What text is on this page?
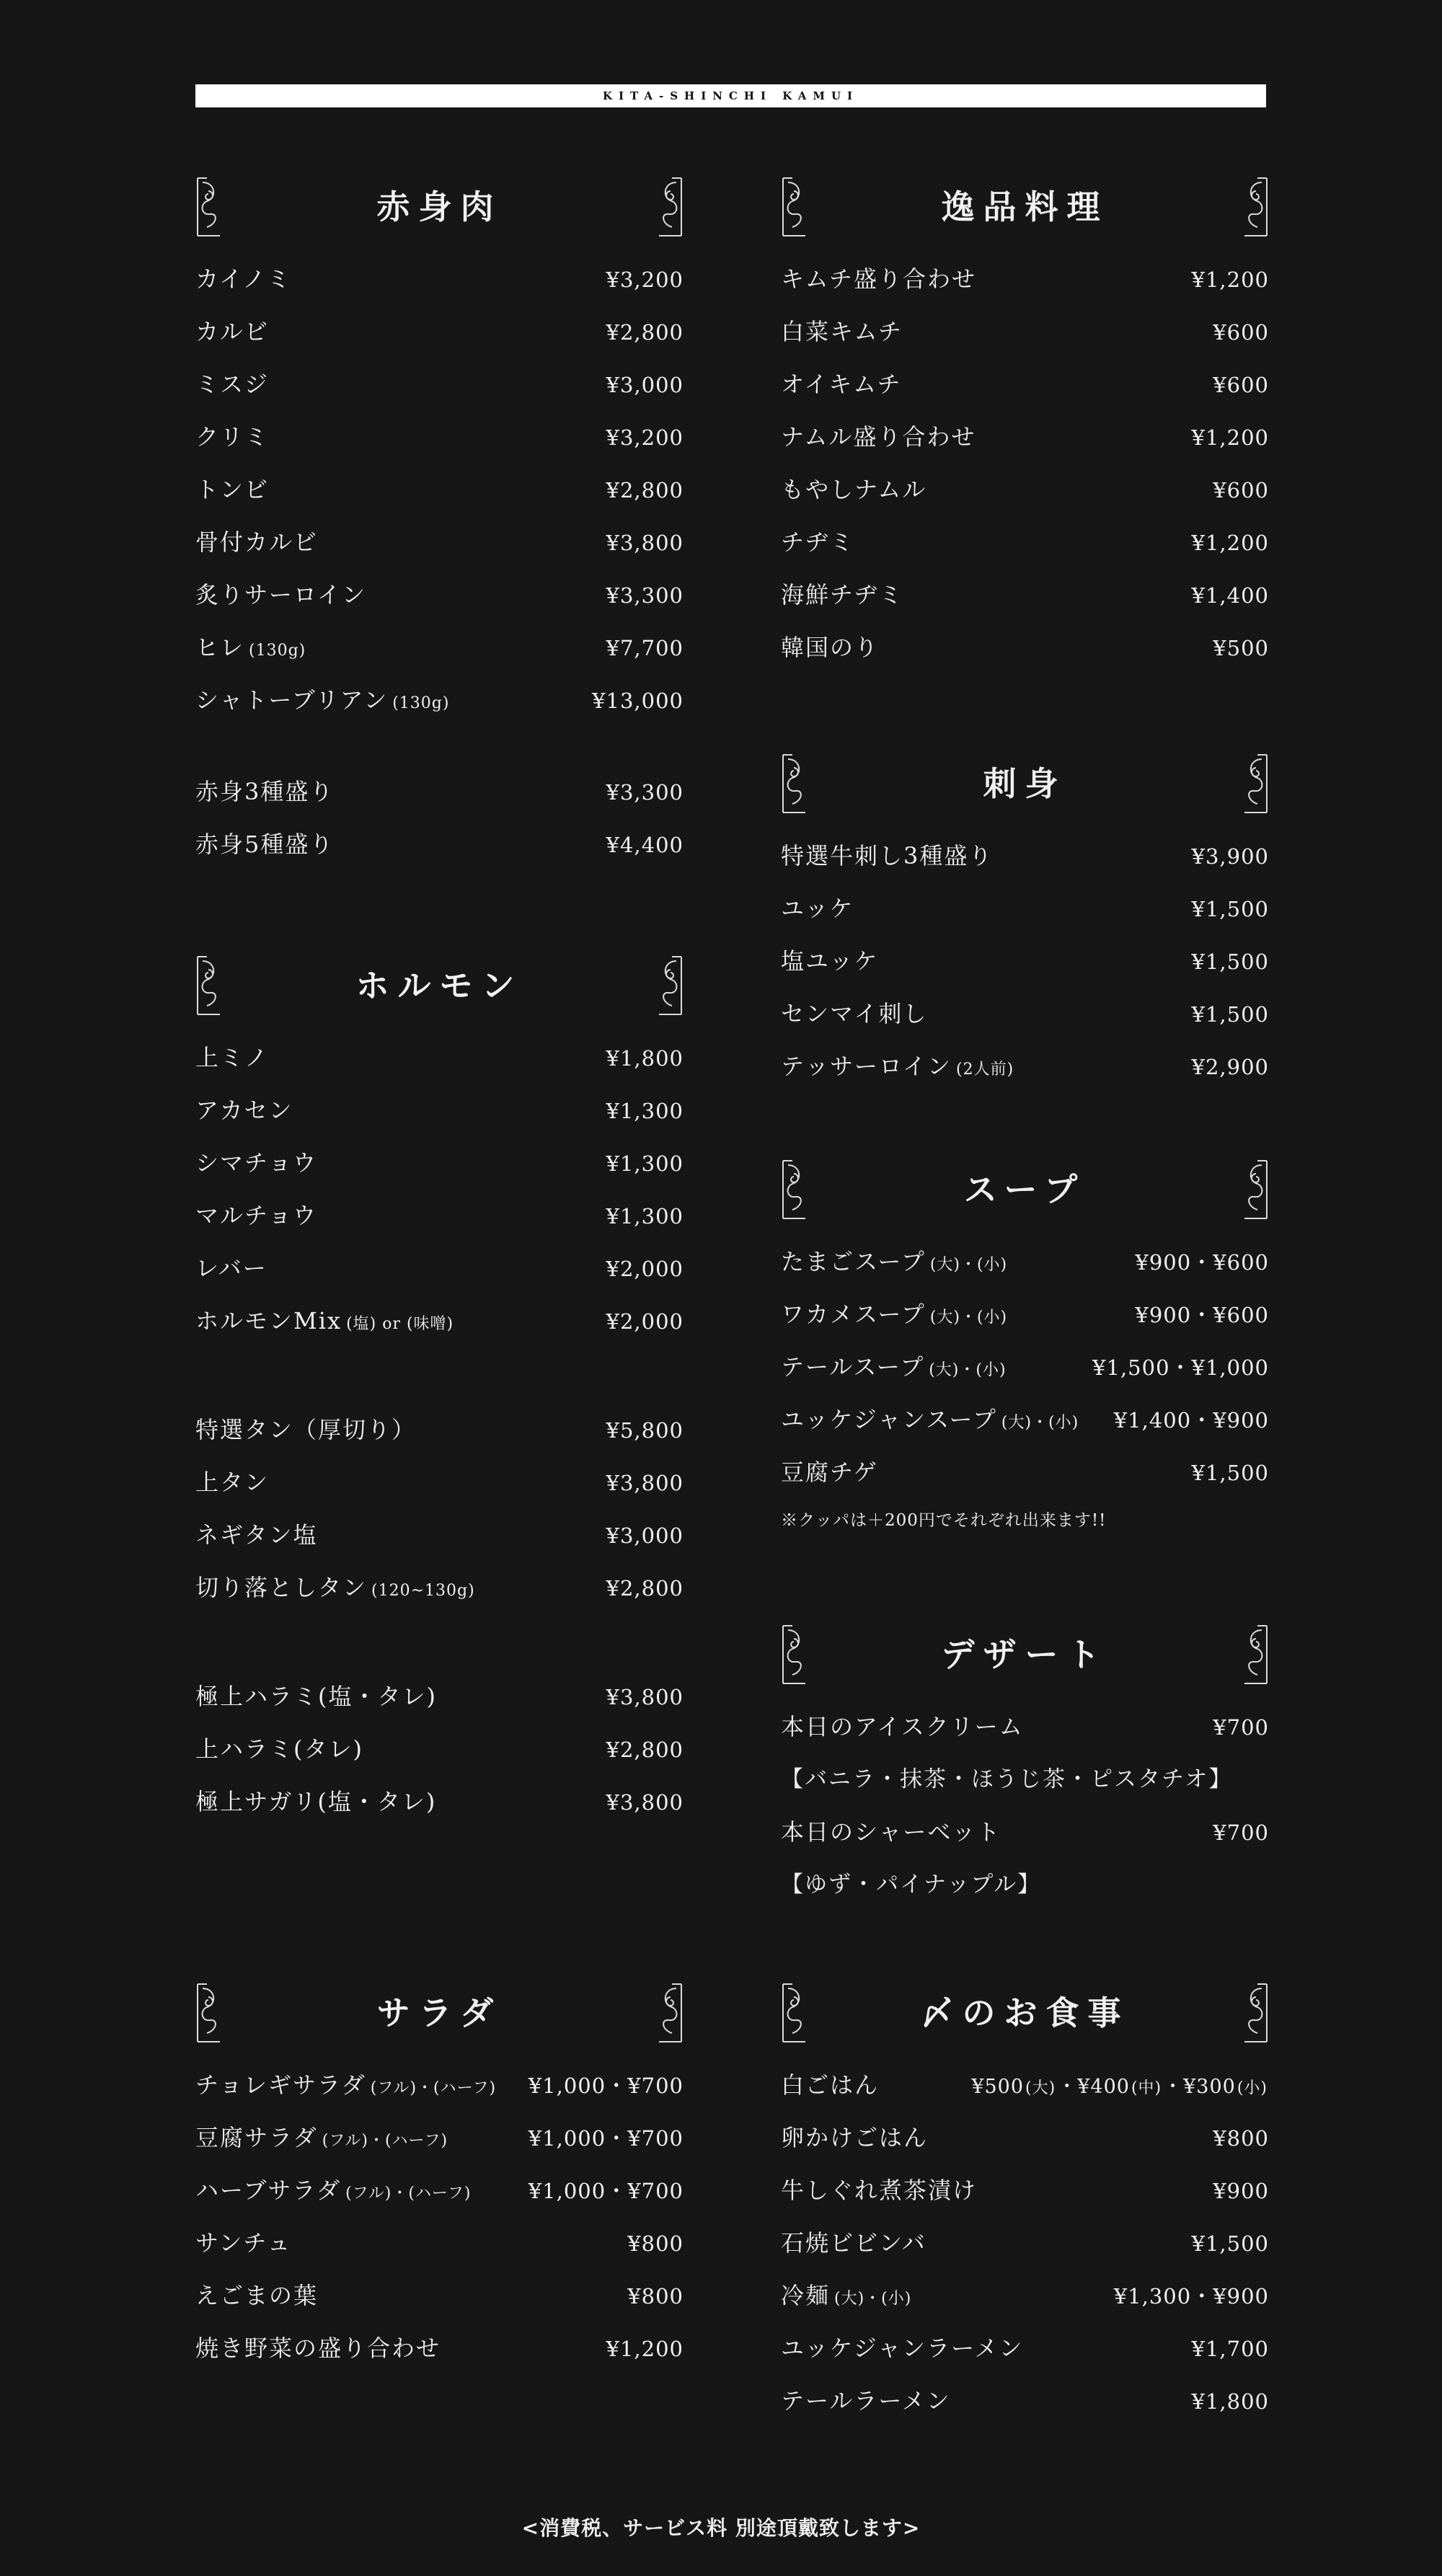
KITA-SHINCHI KAMUI
赤身肉
カイノミ	¥3,200
カルビ	¥2,800
ミスジ	¥3,000
クリミ	¥3,200
トンビ	¥2,800
骨付カルビ	¥3,800
炙りサーロイン	¥3,300
ヒレ (130g)	¥7,700
シャトーブリアン (130g)	¥13,000
赤身3種盛り	¥3,300
赤身5種盛り	¥4,400
ホルモン
上ミノ	¥1,800
アカセン	¥1,300
シマチョウ	¥1,300
マルチョウ	¥1,300
レバー	¥2,000
ホルモンMix (塩) or (味噌)	¥2,000
特選タン（厚切り）	¥5,800
上タン	¥3,800
ネギタン塩	¥3,000
切り落としタン (120~130g)	¥2,800
極上ハラミ(塩・タレ)	¥3,800
上ハラミ(タレ)	¥2,800
極上サガリ(塩・タレ)	¥3,800
サラダ
チョレギサラダ (フル)・(ハーフ) ¥1,000・¥700
豆腐サラダ (フル)・(ハーフ)	¥1,000・¥700
ハーブサラダ (フル)・(ハーフ)	¥1,000・¥700
サンチュ	¥800
えごまの葉	¥800
焼き野菜の盛り合わせ	¥1,200
逸品料理
キムチ盛り合わせ	¥1,200
白菜キムチ	¥600
オイキムチ	¥600
ナムル盛り合わせ	¥1,200
もやしナムル	¥600
チヂミ	¥1,200
海鮮チヂミ	¥1,400
韓国のり	¥500
刺身
特選牛刺し3種盛り	¥3,900
ユッケ	¥1,500
塩ユッケ	¥1,500
センマイ刺し	¥1,500
テッサーロイン (2人前)	¥2,900
スープ
たまごスープ (大)・(小)	¥900・¥600
ワカメスープ (大)・(小)	¥900・¥600
テールスープ (大)・(小)	¥1,500・¥1,000
ユッケジャンスープ (大)・(小) ¥1,400・¥900
豆腐チゲ	¥1,500
※クッパは＋200円でそれぞれ出来ます!!
デザート
本日のアイスクリーム	¥700
【バニラ・抹茶・ほうじ茶・ピスタチオ】
本日のシャーベット	¥700
【ゆず・パイナップル】
〆のお食事
白ごはん	¥500(大)・¥400(中)・¥300(小)
卵かけごはん	¥800
牛しぐれ煮茶漬け	¥900
石焼ビビンバ	¥1,500
冷麺 (大)・(小)	¥1,300・¥900
ユッケジャンラーメン	¥1,700
テールラーメン	¥1,800
<消費税、サービス料 別途頂戴致します>
